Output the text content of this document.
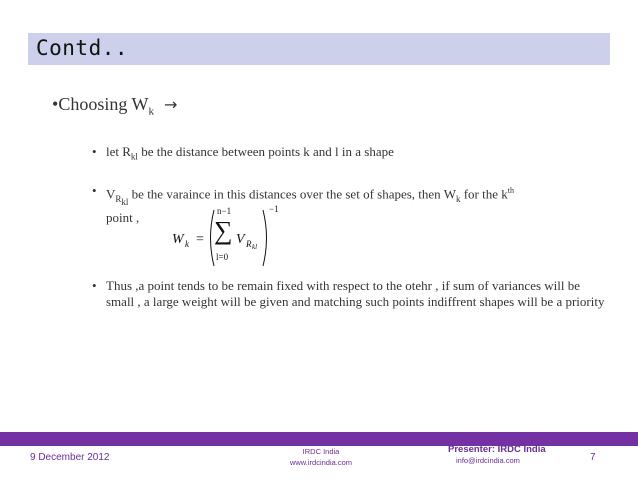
Contd..
•Choosing $W_k$ →
• let $R_{kl}$ be the distance between points k and l in a shape
• $V_{R_{kl}}$ be the varaince in this distances over the set of shapes, then $W_k$ for the $k^{th}$
point ,
W k =
n−1
∑
l=0
V R kl
−1
• Thus ,a point tends to be remain fixed with respect to the otehr , if sum of variances will be small , a large weight will be given and matching such points indiffrent shapes will be a priority
9 December 2012
IRDC India
www.irdcindia.com
Presenter: IRDC India
info@irdcindia.com	7
